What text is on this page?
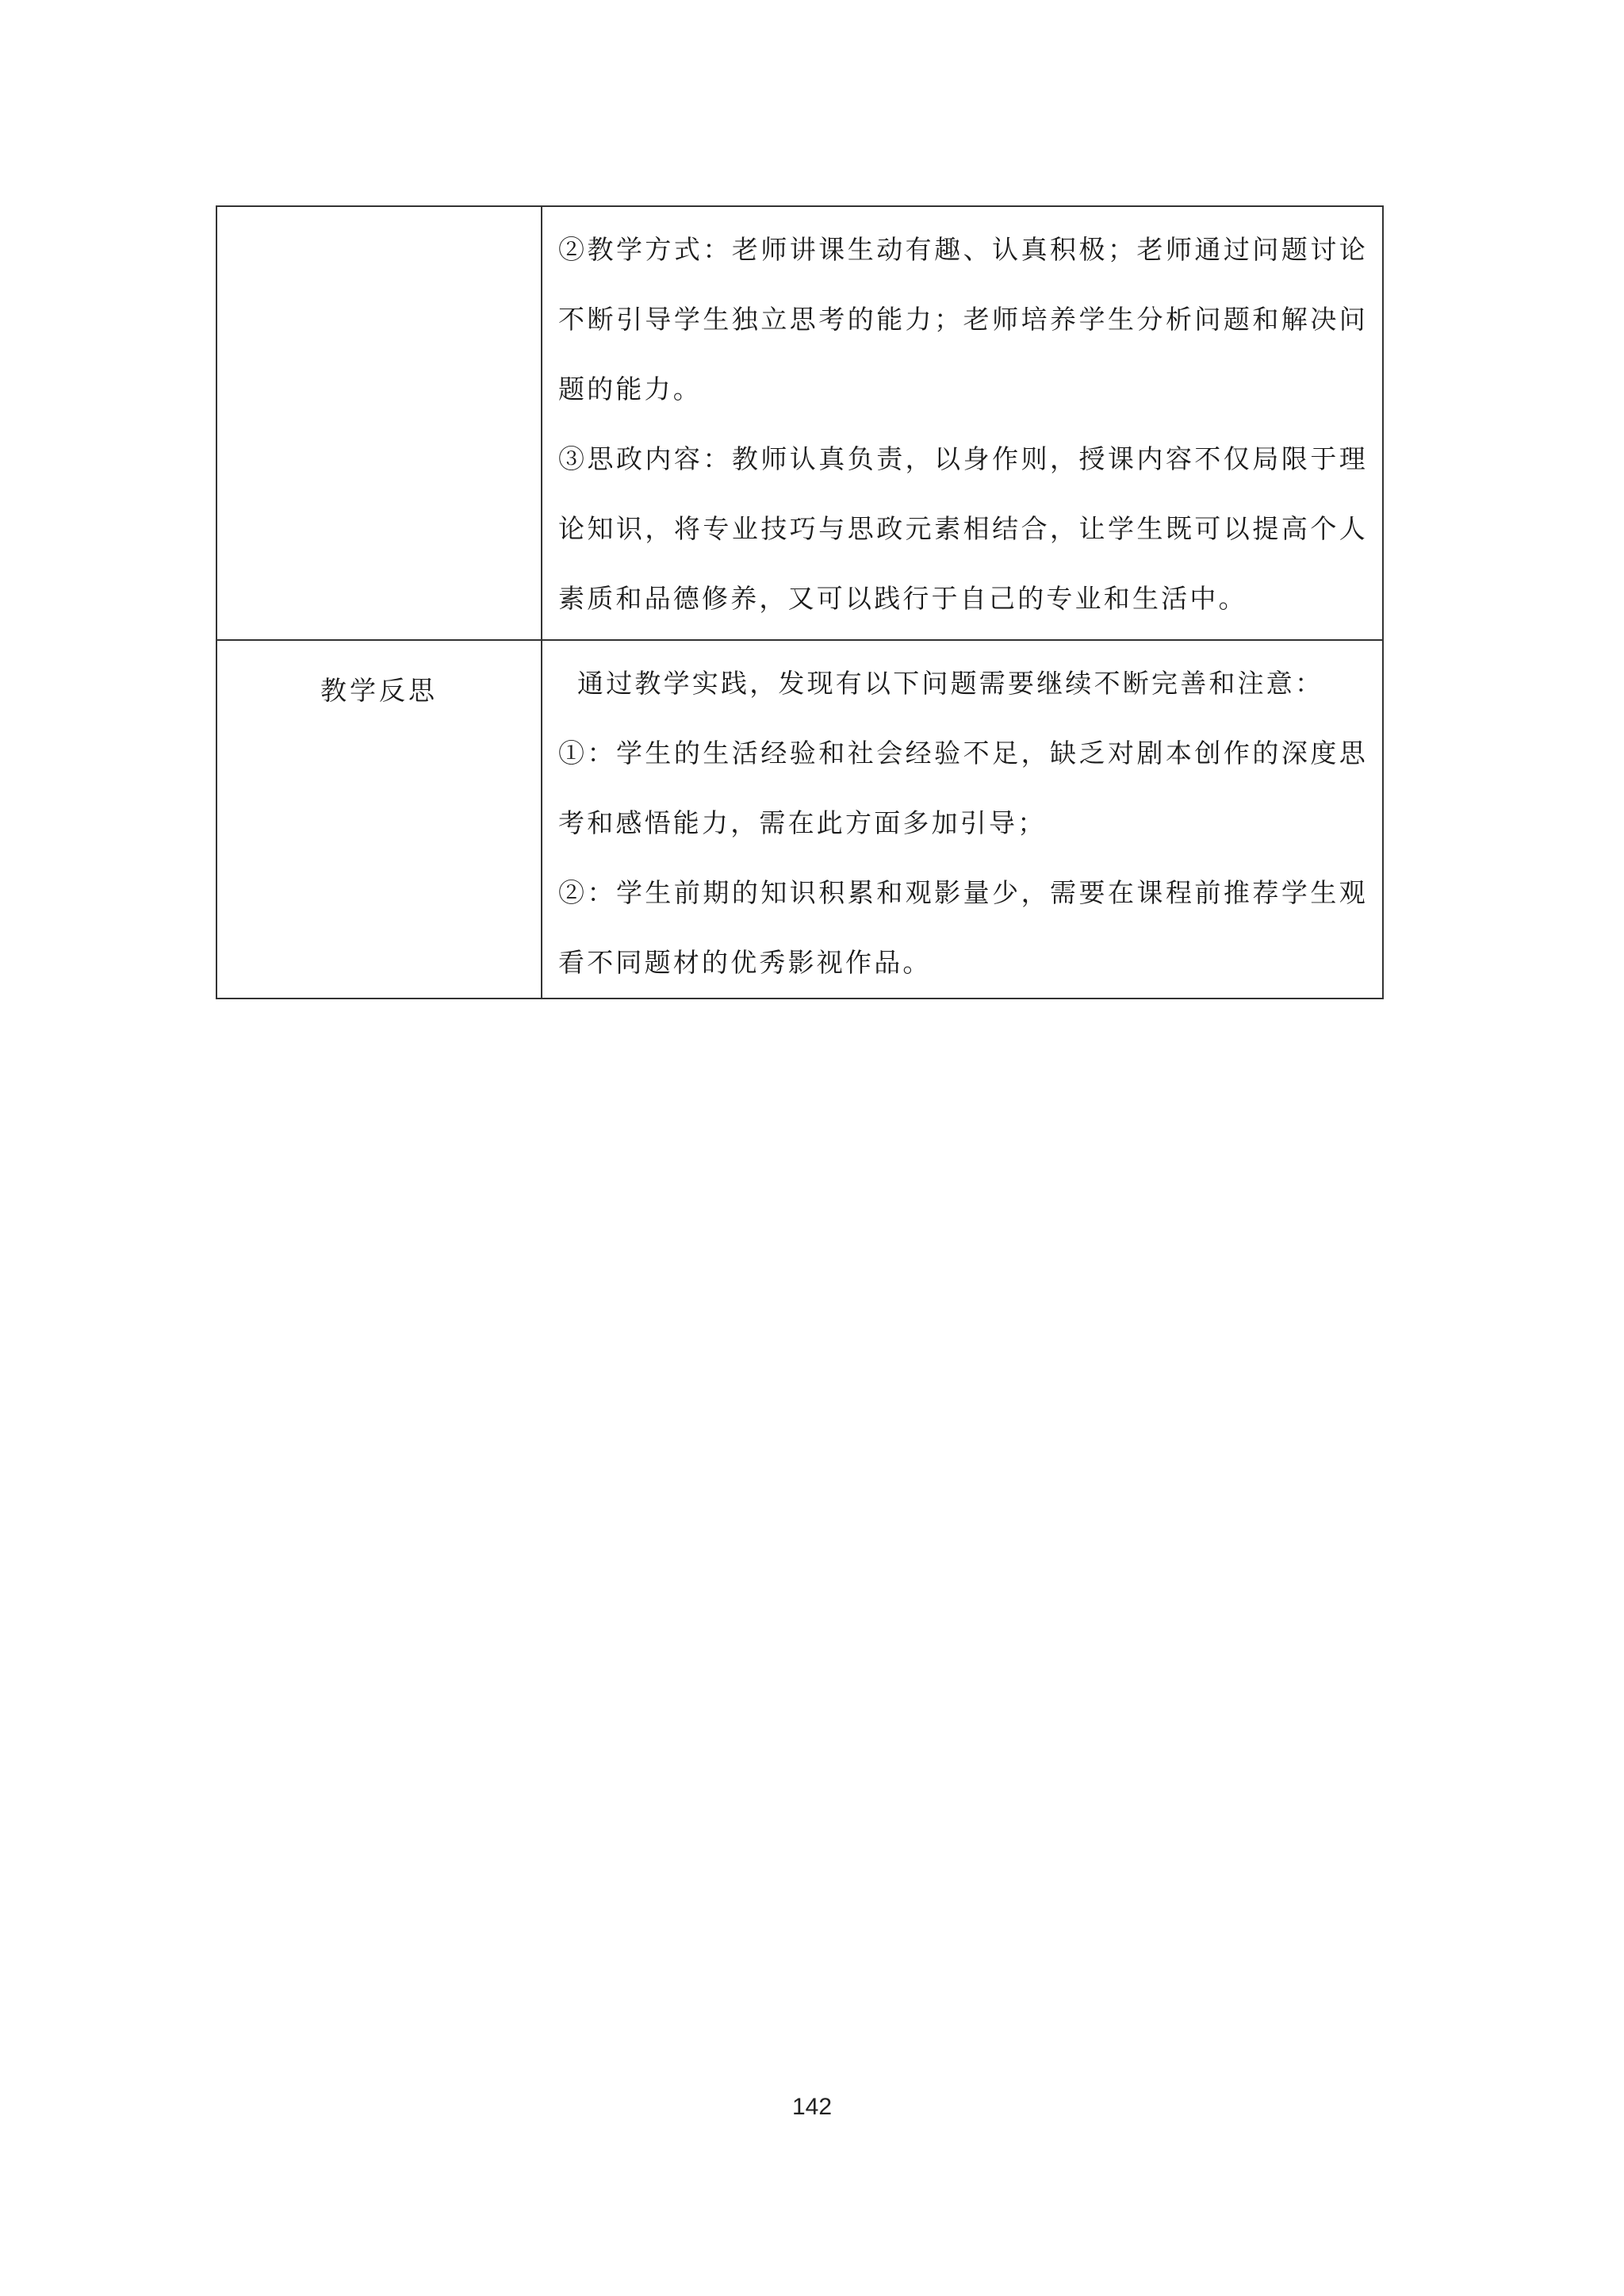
	②教学方式：老师讲课生动有趣、认真积极；老师通过问题讨论不断引导学生独立思考的能力；老师培养学生分析问题和解决问题的能力。
③思政内容：教师认真负责，以身作则，授课内容不仅局限于理论知识，将专业技巧与思政元素相结合，让学生既可以提高个人素质和品德修养，又可以践行于自己的专业和生活中。

教学反思	通过教学实践，发现有以下问题需要继续不断完善和注意：
①：学生的生活经验和社会经验不足，缺乏对剧本创作的深度思考和感悟能力，需在此方面多加引导；
②：学生前期的知识积累和观影量少，需要在课程前推荐学生观看不同题材的优秀影视作品。
142
